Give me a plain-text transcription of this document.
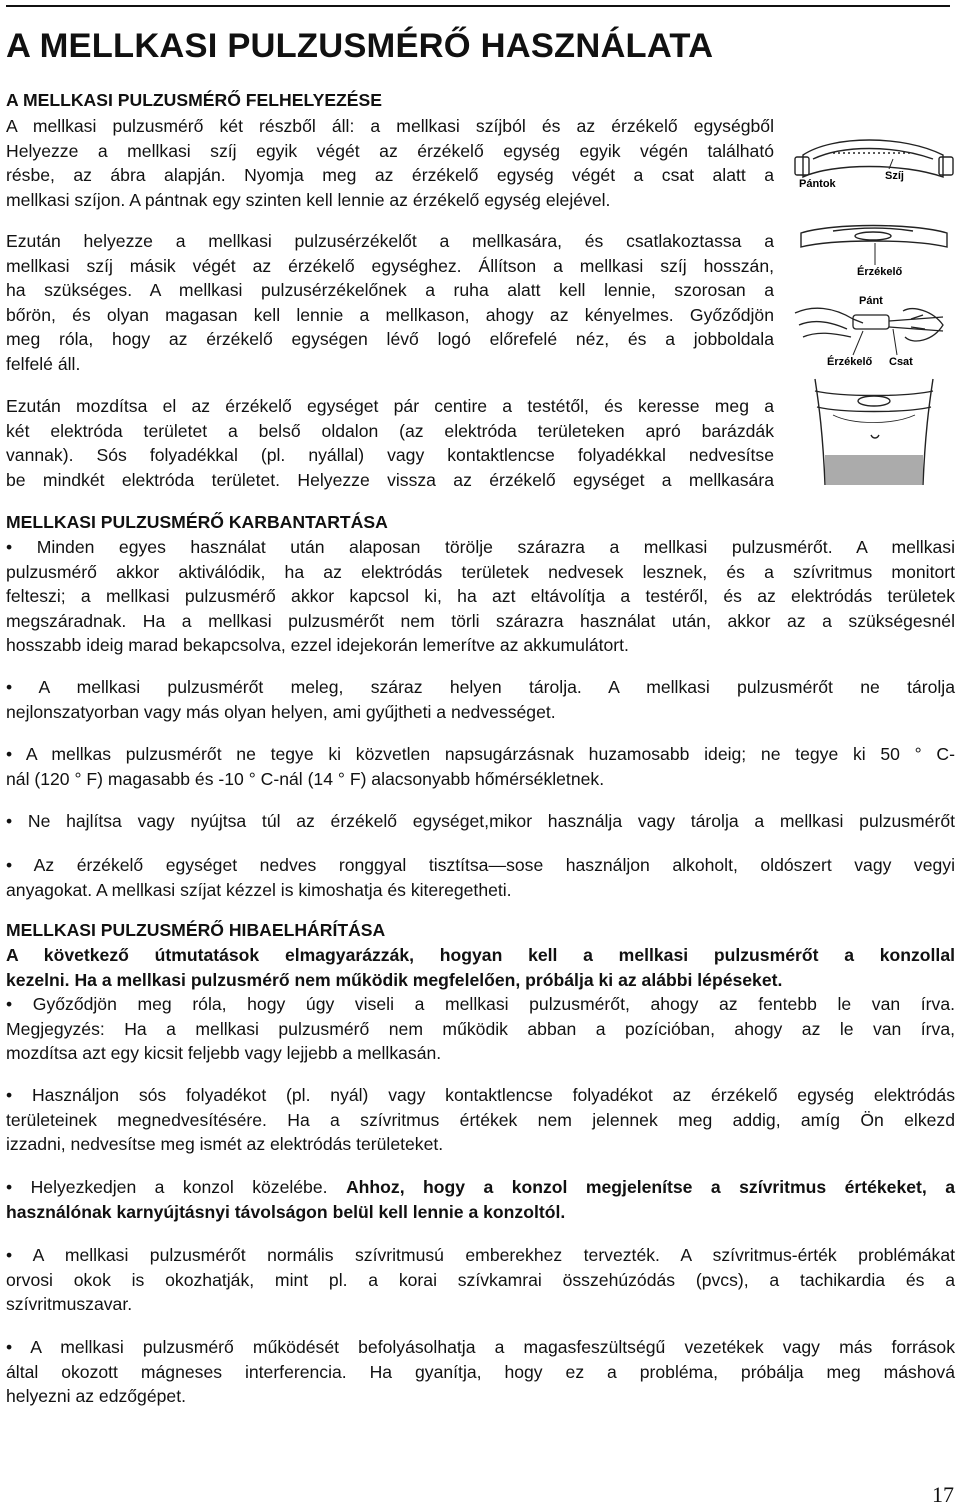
A MELLKASI PULZUSMÉRŐ HASZNÁLATA
A MELLKASI PULZUSMÉRŐ FELHELYEZÉSE
A mellkasi pulzusmérő két részből áll: a mellkasi szíjból és az érzékelő egységből
Helyezze a mellkasi szíj egyik végét az érzékelő egység egyik végén található
résbe, az ábra alapján. Nyomja meg az érzékelő egység végét a csat alatt a
mellkasi szíjon. A pántnak egy szinten kell lennie az érzékelő egység elejével.
Ezután helyezze a mellkasi pulzusérzékelőt a mellkasára, és csatlakoztassa a
mellkasi szíj másik végét az érzékelő egységhez. Állítson a mellkasi szíj hosszán,
ha szükséges. A mellkasi pulzusérzékelőnek a ruha alatt kell lennie, szorosan a
bőrön, és olyan magasan kell lennie a mellkason, ahogy az kényelmes. Győződjön
meg róla, hogy az érzékelő egységen lévő logó előrefelé néz, és a jobboldala
felfelé áll.
Ezután mozdítsa el az érzékelő egységet pár centire a testétől, és keresse meg a
két elektróda területet a belső oldalon (az elektróda területeken apró barázdák
vannak). Sós folyadékkal (pl. nyállal) vagy kontaktlencse folyadékkal nedvesítse
be mindkét elektróda területet. Helyezze vissza az érzékelő egységet a mellkasára
Pántok
Szíj
Érzékelő
Pánt
Érzékelő Csat
MELLKASI PULZUSMÉRŐ KARBANTARTÁSA
• Minden egyes használat után alaposan törölje szárazra a mellkasi pulzusmérőt. A mellkasi
pulzusmérő akkor aktiválódik, ha az elektródás területek nedvesek lesznek, és a szívritmus monitort
felteszi; a mellkasi pulzusmérő akkor kapcsol ki, ha azt eltávolítja a testéről, és az elektródás területek
megszáradnak. Ha a mellkasi pulzusmérőt nem törli szárazra használat után, akkor az a szükségesnél
hosszabb ideig marad bekapcsolva, ezzel idejekorán lemerítve az akkumulátort.
• A mellkasi pulzusmérőt meleg, száraz helyen tárolja. A mellkasi pulzusmérőt ne tárolja
nejlonszatyorban vagy más olyan helyen, ami gyűjtheti a nedvességet.
• A mellkas pulzusmérőt ne tegye ki közvetlen napsugárzásnak huzamosabb ideig; ne tegye ki 50 ° C-
nál (120 ° F) magasabb és -10 ° C-nál (14 ° F) alacsonyabb hőmérsékletnek.
• Ne hajlítsa vagy nyújtsa túl az érzékelő egységet,mikor használja vagy tárolja a mellkasi pulzusmérőt
• Az érzékelő egységet nedves ronggyal tisztítsa—sose használjon alkoholt, oldószert vagy vegyi
anyagokat. A mellkasi szíjat kézzel is kimoshatja és kiteregetheti.
MELLKASI PULZUSMÉRŐ HIBAELHÁRÍTÁSA
A következő útmutatások elmagyarázzák, hogyan kell a mellkasi pulzusmérőt a konzollal
kezelni. Ha a mellkasi pulzusmérő nem működik megfelelően, próbálja ki az alábbi lépéseket.
• Győződjön meg róla, hogy úgy viseli a mellkasi pulzusmérőt, ahogy az fentebb le van írva.
Megjegyzés: Ha a mellkasi pulzusmérő nem működik abban a pozícióban, ahogy az le van írva,
mozdítsa azt egy kicsit feljebb vagy lejjebb a mellkasán.
• Használjon sós folyadékot (pl. nyál) vagy kontaktlencse folyadékot az érzékelő egység elektródás
területeinek megnedvesítésére. Ha a szívritmus értékek nem jelennek meg addig, amíg Ön elkezd
izzadni, nedvesítse meg ismét az elektródás területeket.
• Helyezkedjen a konzol közelébe. Ahhoz, hogy a konzol megjelenítse a szívritmus értékeket, a
használónak karnyújtásnyi távolságon belül kell lennie a konzoltól.
• A mellkasi pulzusmérőt normális szívritmusú emberekhez tervezték. A szívritmus-érték problémákat
orvosi okok is okozhatják, mint pl. a korai szívkamrai összehúzódás (pvcs), a tachikardia és a
szívritmuszavar.
• A mellkasi pulzusmérő működését befolyásolhatja a magasfeszültségű vezetékek vagy más források
által okozott mágneses interferencia. Ha gyanítja, hogy ez a probléma, próbálja meg máshová
helyezni az edzőgépet.
17
